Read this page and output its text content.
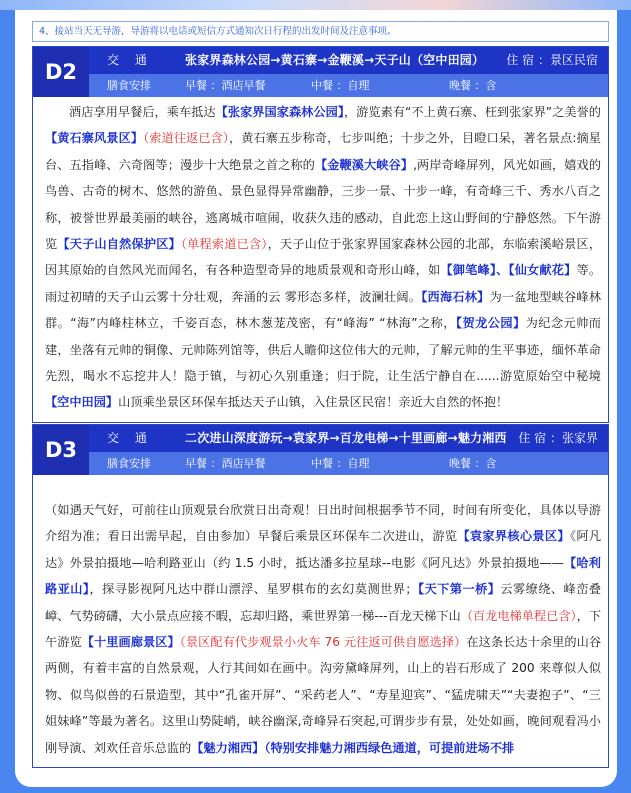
4、接站当天无导游，导游将以电话或短信方式通知次日行程的出发时间及注意事项。
D2	交 通	张家界森林公园→黄石寨→金鞭溪→天子山（空中田园） 住 宿 ：景区民宿
膳食安排	早餐 ：酒店早餐	中餐 ：自理	晚餐 ：含
酒店享用早餐后，乘车抵达【张家界国家森林公园】，游览素有“不上黄石寨、枉到张家界”之美誉的【黄石寨风景区】（索道往返已含），黄石寨五步称奇，七步叫绝；十步之外，目瞪口呆，著名景点:摘星台、五指峰、六奇阁等；漫步十大绝景之首之称的【金鞭溪大峡谷】,两岸奇峰屏列，风光如画，嬉戏的鸟兽、古奇的树木、悠然的游鱼、景色显得异常幽静，三步一景、十步一峰，有奇峰三千、秀水八百之称，被誉世界最美丽的峡谷，逃离城市喧闹，收获久违的感动，自此恋上这山野间的宁静悠然。下午游览【天子山自然保护区】（单程索道已含），天子山位于张家界国家森林公园的北部，东临索溪峪景区，因其原始的自然风光而闻名，有各种造型奇异的地质景观和奇形山峰，如【御笔峰】、【仙女献花】等。雨过初晴的天子山云雾十分壮观，奔涌的云 雾形态多样，波澜壮阔。【西海石林】为一盆地型峡谷峰林群。“海”内峰柱林立，千姿百态，林木葱茏茂密，有“峰海” “林海”之称，【贺龙公园】为纪念元帅而建，坐落有元帅的铜像、元帅陈列馆等，供后人瞻仰这位伟大的元帅，了解元帅的生平事迹，缅怀革命先烈，喝水不忘挖井人！隐于镇，与初心久别重逢；归于院，让生活宁静自在......游览原始空中秘境【空中田园】山顶乘坐景区环保车抵达天子山镇，入住景区民宿！亲近大自然的怀抱！
D3	交 通	二次进山深度游玩→袁家界→百龙电梯→十里画廊→魅力湘西 住 宿 ：张家界
膳食安排	早餐 ：酒店早餐	中餐 ：自理	晚餐 ：含
（如遇天气好，可前往山顶观景台欣赏日出奇观！日出时间根据季节不同，时间有所变化，具体以导游介绍为准；看日出需早起，自由参加）早餐后乘景区环保车二次进山，游览【袁家界核心景区】《阿凡达》外景拍摄地—哈利路亚山（约 1.5 小时，抵达潘多拉星球--电影《阿凡达》外景拍摄地——【哈利路亚山】，探寻影视阿凡达中群山漂浮、星罗棋布的玄幻莫测世界；【天下第一桥】云雾缭绕、峰峦叠嶂、气势磅礴，大小景点应接不暇，忘却归路，乘世界第一梯---百龙天梯下山（百龙电梯单程已含），下午游览【十里画廊景区】（景区配有代步观景小火车 76 元往返可供自愿选择）在这条长达十余里的山谷两侧，有着丰富的自然景观，人行其间如在画中。沟旁黛峰屏列，山上的岩石形成了 200 来尊似人似物、似鸟似兽的石景造型，其中“孔雀开屏”、“采药老人”、“寿星迎宾”、“猛虎啸天”“夫妻抱子”、“三姐妹峰”等最为著名。这里山势陡峭，峡谷幽深,奇峰异石突起,可谓步步有景，处处如画，晚间观看冯小刚导演、刘欢任音乐总监的【魅力湘西】（特别安排魅力湘西绿色通道，可提前进场不排
